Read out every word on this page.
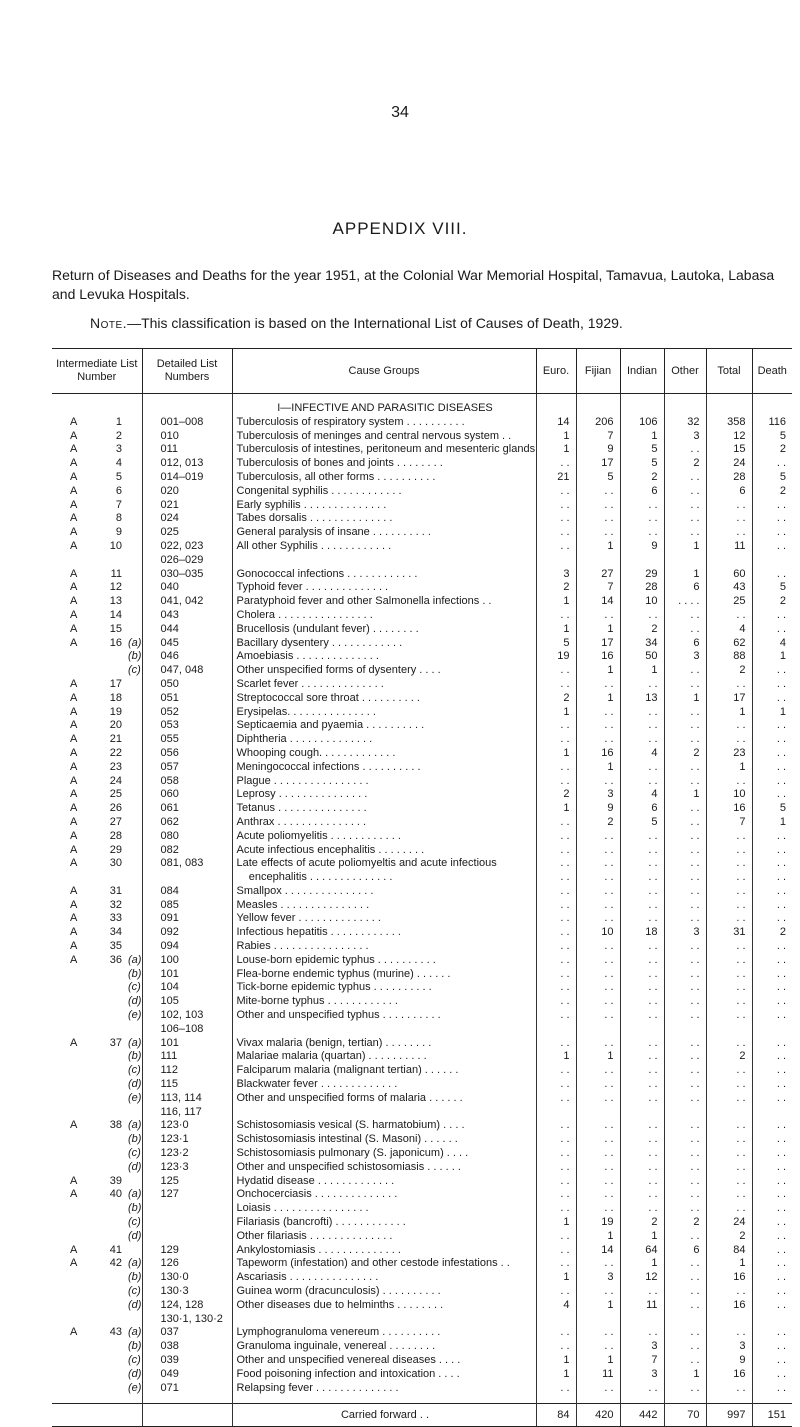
34
APPENDIX VIII.
Return of Diseases and Deaths for the year 1951, at the Colonial War Memorial Hospital, Tamavua, Lautoka, Labasa and Levuka Hospitals.
Note.—This classification is based on the International List of Causes of Death, 1929.
Intermediate List Number	Detailed List Numbers	Cause Groups	Euro.	Fijian	Indian	Other	Total	Death

		I—INFECTIVE AND PARASITIC DISEASES						
A 1	001–008	Tuberculosis of respiratory system . . . . . . . . . .	14	206	106	32	358	116
A 2	010	Tuberculosis of meninges and central nervous system . .	1	7	1	3	12	5
A 3	011	Tuberculosis of intestines, peritoneum and mesenteric glands	1	9	5	. .	15	2
A 4	012, 013	Tuberculosis of bones and joints . . . . . . . .	. .	17	5	2	24	. .
A 5	014–019	Tuberculosis, all other forms . . . . . . . . . .	21	5	2	. .	28	5
A 6	020	Congenital syphilis . . . . . . . . . . . .	. .	. .	6	. .	6	2
A 7	021	Early syphilis . . . . . . . . . . . . . .	. .	. .	. .	. .	. .	. .
A 8	024	Tabes dorsalis . . . . . . . . . . . . . .	. .	. .	. .	. .	. .	. .
A 9	025	General paralysis of insane . . . . . . . . . .	. .	. .	. .	. .	. .	. .
A 10	022, 023	All other Syphilis . . . . . . . . . . . .	. .	1	9	1	11	. .
	026–029							
A 11	030–035	Gonococcal infections . . . . . . . . . . . .	3	27	29	1	60	. .
A 12	040	Typhoid fever . . . . . . . . . . . . . .	2	7	28	6	43	5
A 13	041, 042	Paratyphoid fever and other Salmonella infections . .	1	14	10	. . . .	25	2
A 14	043	Cholera . . . . . . . . . . . . . . . .	. .	. .	. .	. .	. .	. .
A 15	044	Brucellosis (undulant fever) . . . . . . . .	1	1	2	. .	4	. .
A 16 (a)	045	Bacillary dysentery . . . . . . . . . . . .	5	17	34	6	62	4
(b)	046	Amoebiasis . . . . . . . . . . . . . .	19	16	50	3	88	1
(c)	047, 048	Other unspecified forms of dysentery . . . .	. .	1	1	. .	2	. .
A 17	050	Scarlet fever . . . . . . . . . . . . . .	. .	. .	. .	. .	. .	. .
A 18	051	Streptococcal sore throat . . . . . . . . . .	2	1	13	1	17	. .
A 19	052	Erysipelas. . . . . . . . . . . . . . .	1	. .	. .	. .	1	1
A 20	053	Septicaemia and pyaemia . . . . . . . . . .	. .	. .	. .	. .	. .	. .
A 21	055	Diphtheria . . . . . . . . . . . . . .	. .	. .	. .	. .	. .	. .
A 22	056	Whooping cough. . . . . . . . . . . . .	1	16	4	2	23	. .
A 23	057	Meningococcal infections . . . . . . . . . .	. .	1	. .	. .	1	. .
A 24	058	Plague . . . . . . . . . . . . . . . .	. .	. .	. .	. .	. .	. .
A 25	060	Leprosy . . . . . . . . . . . . . . .	2	3	4	1	10	. .
A 26	061	Tetanus . . . . . . . . . . . . . . .	1	9	6	. .	16	5
A 27	062	Anthrax . . . . . . . . . . . . . . .	. .	2	5	. .	7	1
A 28	080	Acute poliomyelitis . . . . . . . . . . . .	. .	. .	. .	. .	. .	. .
A 29	082	Acute infectious encephalitis . . . . . . . .	. .	. .	. .	. .	. .	. .
A 30	081, 083	Late effects of acute poliomyeltis and acute infectious	. .	. .	. .	. .	. .	. .
		encephalitis . . . . . . . . . . . . . .	. .	. .	. .	. .	. .	. .
A 31	084	Smallpox . . . . . . . . . . . . . . .	. .	. .	. .	. .	. .	. .
A 32	085	Measles . . . . . . . . . . . . . . .	. .	. .	. .	. .	. .	. .
A 33	091	Yellow fever . . . . . . . . . . . . . .	. .	. .	. .	. .	. .	. .
A 34	092	Infectious hepatitis . . . . . . . . . . . .	. .	10	18	3	31	2
A 35	094	Rabies . . . . . . . . . . . . . . . .	. .	. .	. .	. .	. .	. .
A 36 (a)	100	Louse-born epidemic typhus . . . . . . . . . .	. .	. .	. .	. .	. .	. .
(b)	101	Flea-borne endemic typhus (murine) . . . . . .	. .	. .	. .	. .	. .	. .
(c)	104	Tick-borne epidemic typhus . . . . . . . . . .	. .	. .	. .	. .	. .	. .
(d)	105	Mite-borne typhus . . . . . . . . . . . .	. .	. .	. .	. .	. .	. .
(e)	102, 103	Other and unspecified typhus . . . . . . . . . .	. .	. .	. .	. .	. .	. .
	106–108							
A 37 (a)	101	Vivax malaria (benign, tertian) . . . . . . . .	. .	. .	. .	. .	. .	. .
(b)	111	Malariae malaria (quartan) . . . . . . . . . .	1	1	. .	. .	2	. .
(c)	112	Falciparum malaria (malignant tertian) . . . . . .	. .	. .	. .	. .	. .	. .
(d)	115	Blackwater fever . . . . . . . . . . . . .	. .	. .	. .	. .	. .	. .
(e)	113, 114	Other and unspecified forms of malaria . . . . . .	. .	. .	. .	. .	. .	. .
	116, 117							
A 38 (a)	123·0	Schistosomiasis vesical (S. harmatobium) . . . .	. .	. .	. .	. .	. .	. .
(b)	123·1	Schistosomiasis intestinal (S. Masoni) . . . . . .	. .	. .	. .	. .	. .	. .
(c)	123·2	Schistosomiasis pulmonary (S. japonicum) . . . .	. .	. .	. .	. .	. .	. .
(d)	123·3	Other and unspecified schistosomiasis . . . . . .	. .	. .	. .	. .	. .	. .
A 39	125	Hydatid disease . . . . . . . . . . . . .	. .	. .	. .	. .	. .	. .
A 40 (a)	127	Onchocerciasis . . . . . . . . . . . . . .	. .	. .	. .	. .	. .	. .
(b)		Loiasis . . . . . . . . . . . . . . . .	. .	. .	. .	. .	. .	. .
(c)		Filariasis (bancrofti) . . . . . . . . . . . .	1	19	2	2	24	. .
(d)		Other filariasis . . . . . . . . . . . . . .	. .	1	1	. .	2	. .
A 41	129	Ankylostomiasis . . . . . . . . . . . . . .	. .	14	64	6	84	. .
A 42 (a)	126	Tapeworm (infestation) and other cestode infestations . .	. .	. .	1	. .	1	. .
(b)	130·0	Ascariasis . . . . . . . . . . . . . . .	1	3	12	. .	16	. .
(c)	130·3	Guinea worm (dracunculosis) . . . . . . . . . .	. .	. .	. .	. .	. .	. .
(d)	124, 128	Other diseases due to helminths . . . . . . . .	4	1	11	. .	16	. .
	130·1, 130·2							
A 43 (a)	037	Lymphogranuloma venereum . . . . . . . . . .	. .	. .	. .	. .	. .	. .
(b)	038	Granuloma inguinale, venereal . . . . . . . .	. .	. .	3	. .	3	. .
(c)	039	Other and unspecified venereal diseases . . . .	1	1	7	. .	9	. .
(d)	049	Food poisoning infection and intoxication . . . .	1	11	3	1	16	. .
(e)	071	Relapsing fever . . . . . . . . . . . . . .	. .	. .	. .	. .	. .	. .

		Carried forward . .	84	420	442	70	997	151
